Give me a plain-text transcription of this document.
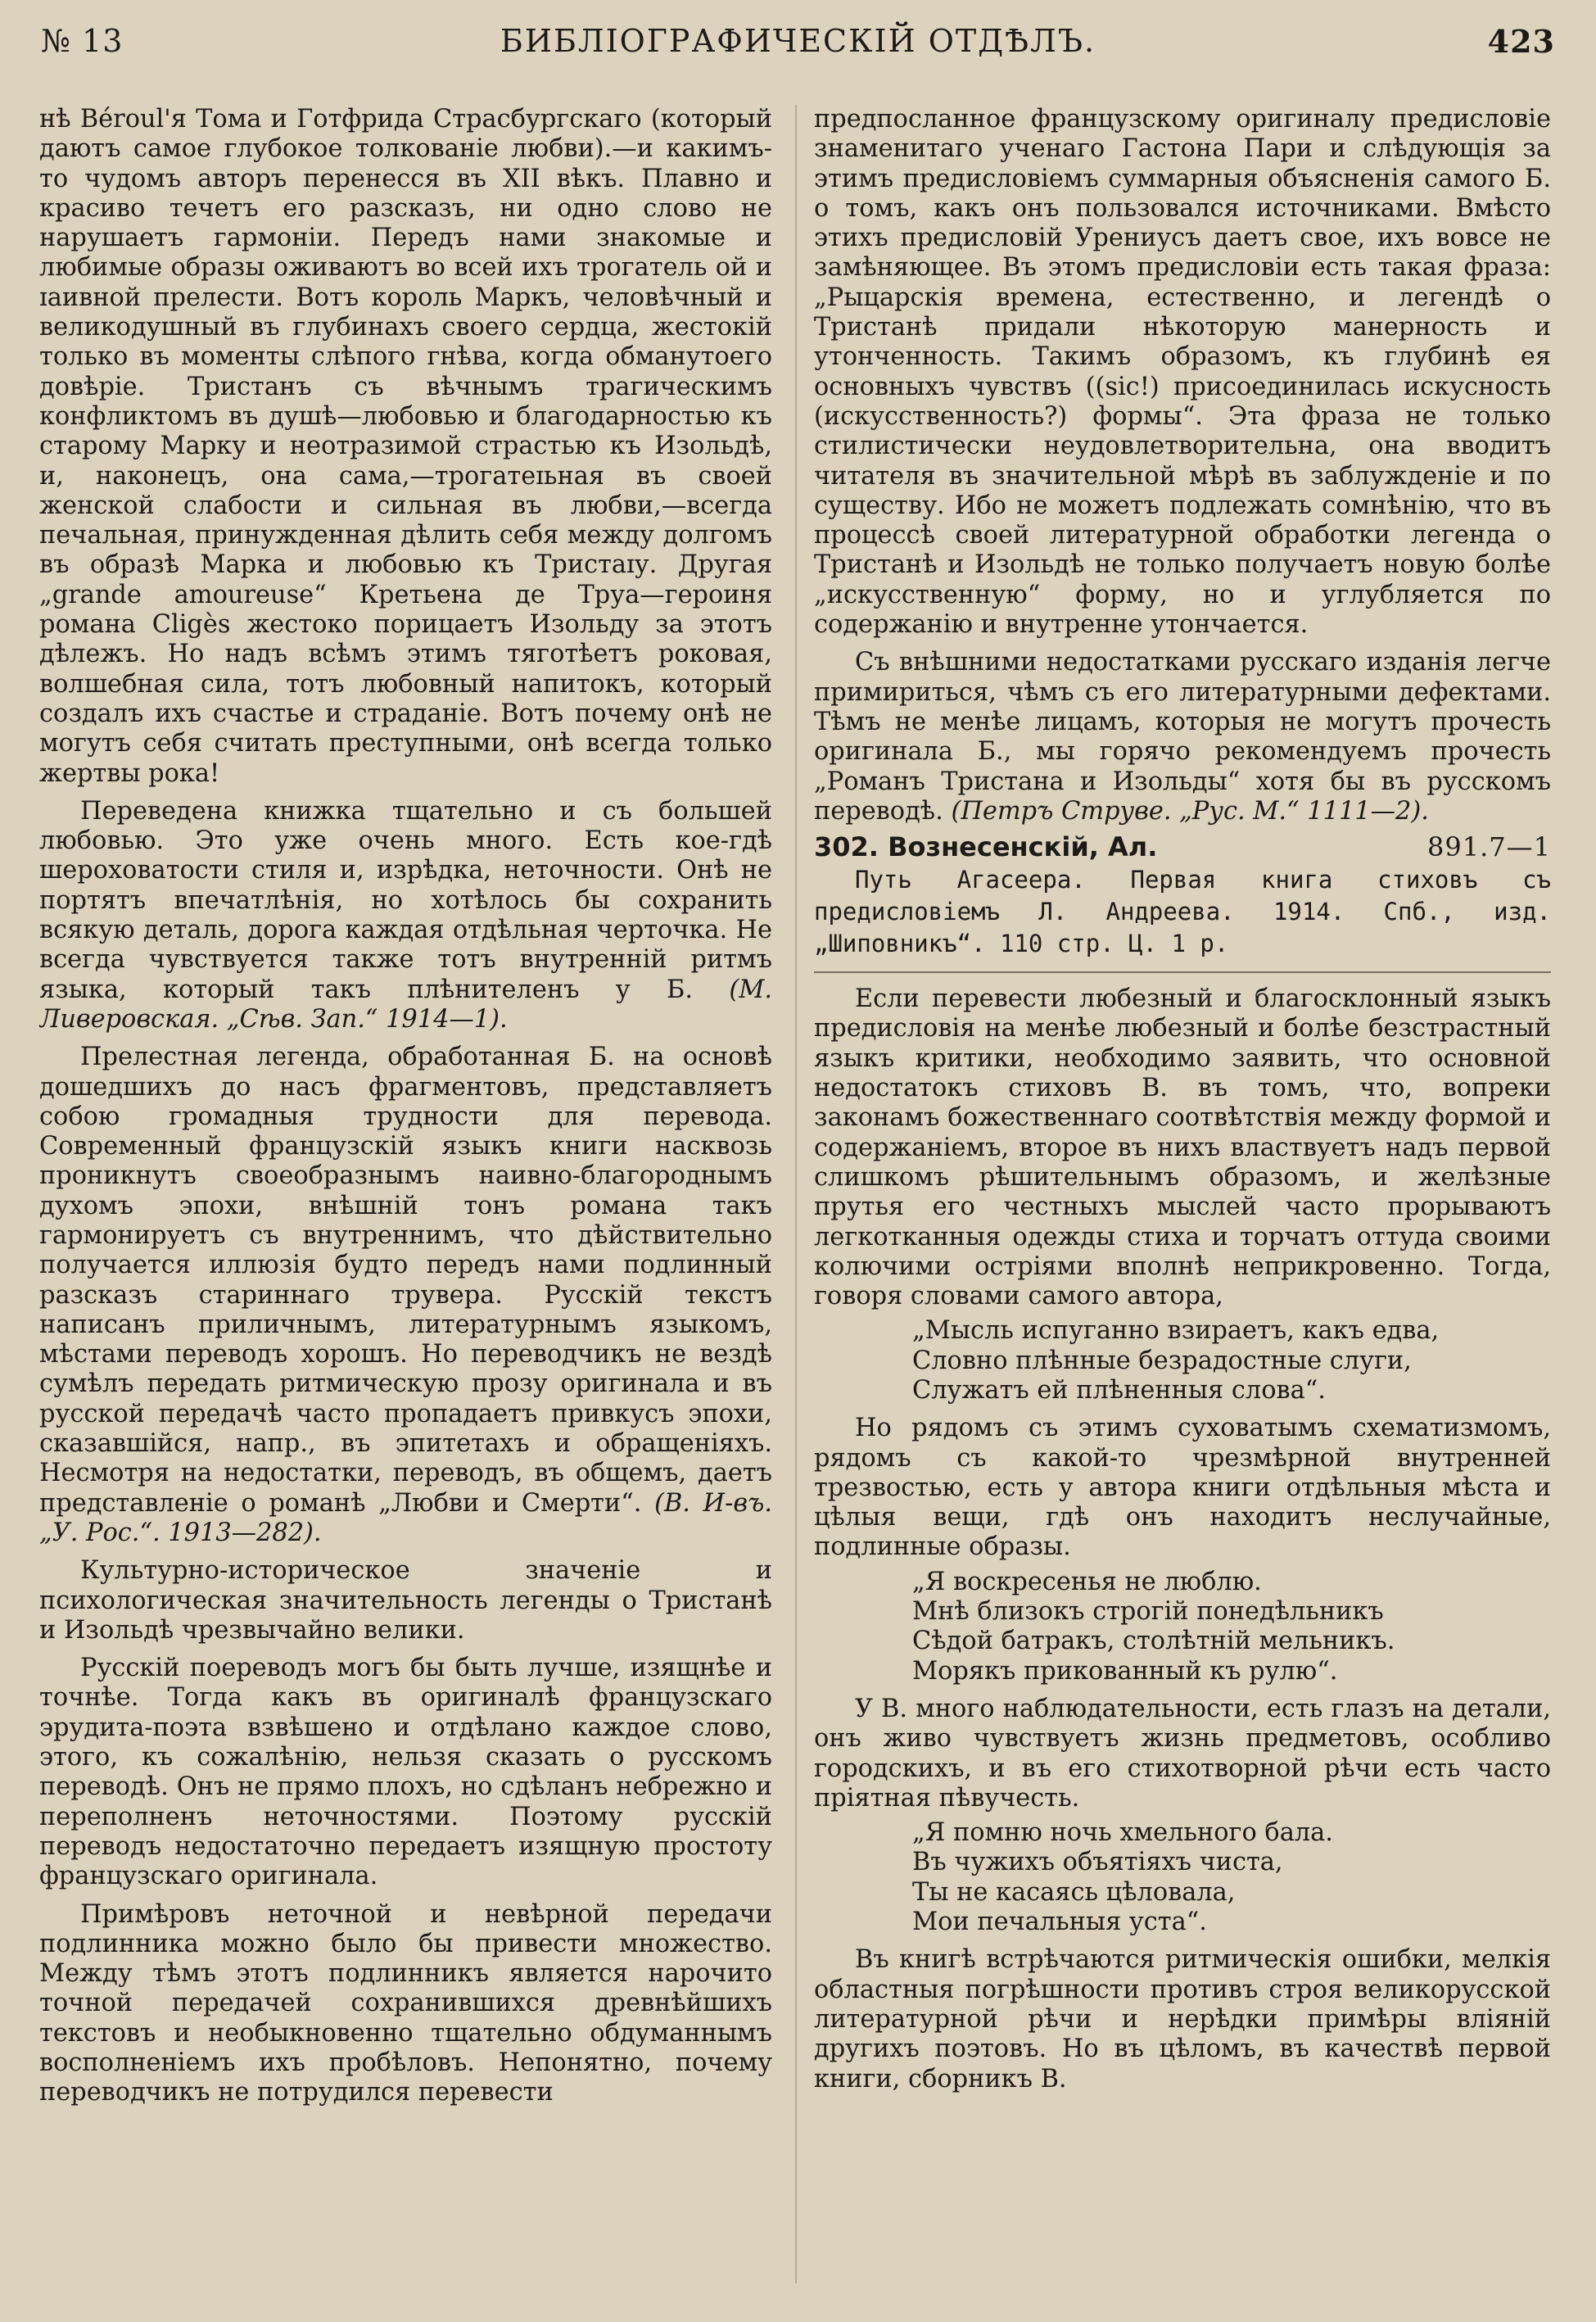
№ 13	БИБЛІОГРАФИЧЕСКІЙ ОТДѢЛЪ.	423

нѣ Béroul'я Тома и Готфрида Страсбургскаго (который даютъ самое глубокое толкованіе любви).—и какимъ-то чудомъ авторъ перенесся въ XII вѣкъ. Плавно и красиво течетъ его разсказъ, ни одно слово не нарушаетъ гармоніи. Передъ нами знакомые и любимые образы оживаютъ во всей ихъ трогатель ой и ɪаивной прелести. Вотъ король Маркъ, человѣчный и великодушный въ глубинахъ своего сердца, жестокій только въ моменты слѣпого гнѣва, когда обманутоего довѣріе. Тристанъ съ вѣчнымъ трагическимъ конфликтомъ въ душѣ—любовью и благодарностью къ старому Марку и неотразимой страстью къ Изольдѣ, и, наконецъ, она сама,—трогатеɪьная въ своей женской слабости и сильная въ любви,—всегда печальная, принужденная дѣлить себя между долгомъ въ образѣ Марка и любовью къ Тристаɪу. Другая „grande amoureuse“ Кретьена де Труа—героиня романа Cligès жестоко порицаетъ Изольду за этотъ дѣлежъ. Но надъ всѣмъ этимъ тяготѣетъ роковая, волшебная сила, тотъ любовный напитокъ, который создалъ ихъ счастье и страданіе. Вотъ почему онѣ не могутъ себя считать преступными, онѣ всегда только жертвы рока!

Переведена книжка тщательно и съ большей любовью. Это уже очень много. Есть кое-гдѣ шероховатости стиля и, изрѣдка, неточности. Онѣ не портятъ впечатлѣнія, но хотѣлось бы сохранить всякую деталь, дорога каждая отдѣльная черточка. Не всегда чувствуется также тотъ внутренній ритмъ языка, который такъ плѣнителенъ у Б. (М. Ливеровская. „Сѣв. Зап.“ 1914—1).

Прелестная легенда, обработанная Б. на основѣ дошедшихъ до насъ фрагментовъ, представляетъ собою громадныя трудности для перевода. Современный французскій языкъ книги насквозь проникнутъ своеобразнымъ наивно-благороднымъ духомъ эпохи, внѣшній тонъ романа такъ гармонируетъ съ внутреннимъ, что дѣйствительно получается иллюзія будто передъ нами подлинный разсказъ стариннаго трувера. Русскій текстъ написанъ приличнымъ, литературнымъ языкомъ, мѣстами переводъ хорошъ. Но переводчикъ не вездѣ сумѣлъ передать ритмическую прозу оригинала и въ русской передачѣ часто пропадаетъ привкусъ эпохи, сказавшійся, напр., въ эпитетахъ и обращеніяхъ. Несмотря на недостатки, переводъ, въ общемъ, даетъ представленіе о романѣ „Любви и Смерти“. (В. И-въ. „У. Рос.“. 1913—282).

Культурно-историческое значеніе и психологическая значительность легенды о Тристанѣ и Изольдѣ чрезвычайно велики.

Русскій поереводъ могъ бы быть лучше, изящнѣе и точнѣе. Тогда какъ въ оригиналѣ французскаго эрудита-поэта взвѣшено и отдѣлано каждое слово, этого, къ сожалѣнію, нельзя сказать о русскомъ переводѣ. Онъ не прямо плохъ, но сдѣланъ небрежно и переполненъ неточностями. Поэтому русскій переводъ недостаточно передаетъ изящную простоту французскаго оригинала.

Примѣровъ неточной и невѣрной передачи подлинника можно было бы привести множество. Между тѣмъ этотъ подлинникъ является нарочито точной передачей сохранившихся древнѣйшихъ текстовъ и необыкновенно тщательно обдуманнымъ восполненіемъ ихъ пробѣловъ. Непонятно, почему переводчикъ не потрудился перевести

предпосланное французскому оригиналу предисловіе знаменитаго ученаго Гастона Пари и слѣдующія за этимъ предисловіемъ суммарныя объясненія самого Б. о томъ, какъ онъ пользовался источниками. Вмѣсто этихъ предисловій Урениусъ даетъ свое, ихъ вовсе не замѣняющее. Въ этомъ предисловіи есть такая фраза: „Рыцарскія времена, естественно, и легендѣ о Тристанѣ придали нѣкоторую манерность и утонченность. Такимъ образомъ, къ глубинѣ ея основныхъ чувствъ ((sic!) присоединилась искусность (искусственность?) формы“. Эта фраза не только стилистически неудовлетворительна, она вводитъ читателя въ значительной мѣрѣ въ заблужденіе и по существу. Ибо не можетъ подлежать сомнѣнію, что въ процессѣ своей литературной обработки легенда о Тристанѣ и Изольдѣ не только получаетъ новую болѣе „искусственную“ форму, но и углубляется по содержанію и внутренне утончается.

Съ внѣшними недостатками русскаго изданія легче примириться, чѣмъ съ его литературными дефектами. Тѣмъ не менѣе лицамъ, которыя не могутъ прочесть оригинала Б., мы горячо рекомендуемъ прочесть „Романъ Тристана и Изольды“ хотя бы въ русскомъ переводѣ. (Петръ Струве. „Рус. М.“ 1111—2).

302. Вознесенскій, Ал.	891.7—1

Путь Агасеера. Первая книга стиховъ съ предисловіемъ Л. Андреева. 1914. Спб., изд. „Шиповникъ“. 110 стр. Ц. 1 р.

Если перевести любезный и благосклонный языкъ предисловія на менѣе любезный и болѣе безстрастный языкъ критики, необходимо заявить, что основной недостатокъ стиховъ В. въ томъ, что, вопреки законамъ божественнаго соотвѣтствія между формой и содержаніемъ, второе въ нихъ властвуетъ надъ первой слишкомъ рѣшительнымъ образомъ, и желѣзные прутья его честныхъ мыслей часто прорываютъ легкотканныя одежды стиха и торчатъ оттуда своими колючими остріями вполнѣ неприкровенно. Тогда, говоря словами самого автора,

„Мысль испуганно взираетъ, какъ едва,
Словно плѣнные безрадостные слуги,
Служатъ ей плѣненныя слова“.

Но рядомъ съ этимъ суховатымъ схематизмомъ, рядомъ съ какой-то чрезмѣрной внутренней трезвостью, есть у автора книги отдѣльныя мѣста и цѣлыя вещи, гдѣ онъ находитъ неслучайные, подлинные образы.

„Я воскресенья не люблю.
Мнѣ близокъ строгій понедѣльникъ
Сѣдой батракъ, столѣтній мельникъ.
Морякъ прикованный къ рулю“.

У В. много наблюдательности, есть глазъ на детали, онъ живо чувствуетъ жизнь предметовъ, особливо городскихъ, и въ его стихотворной рѣчи есть часто пріятная пѣвучесть.

„Я помню ночь хмельного бала.
Въ чужихъ объятіяхъ чиста,
Ты не касаясь цѣловала,
Мои печальныя уста“.

Въ книгѣ встрѣчаются ритмическія ошибки, мелкія областныя погрѣшности противъ строя великорусской литературной рѣчи и нерѣдки примѣры вліяній другихъ поэтовъ. Но въ цѣломъ, въ качествѣ первой книги, сборникъ В.
